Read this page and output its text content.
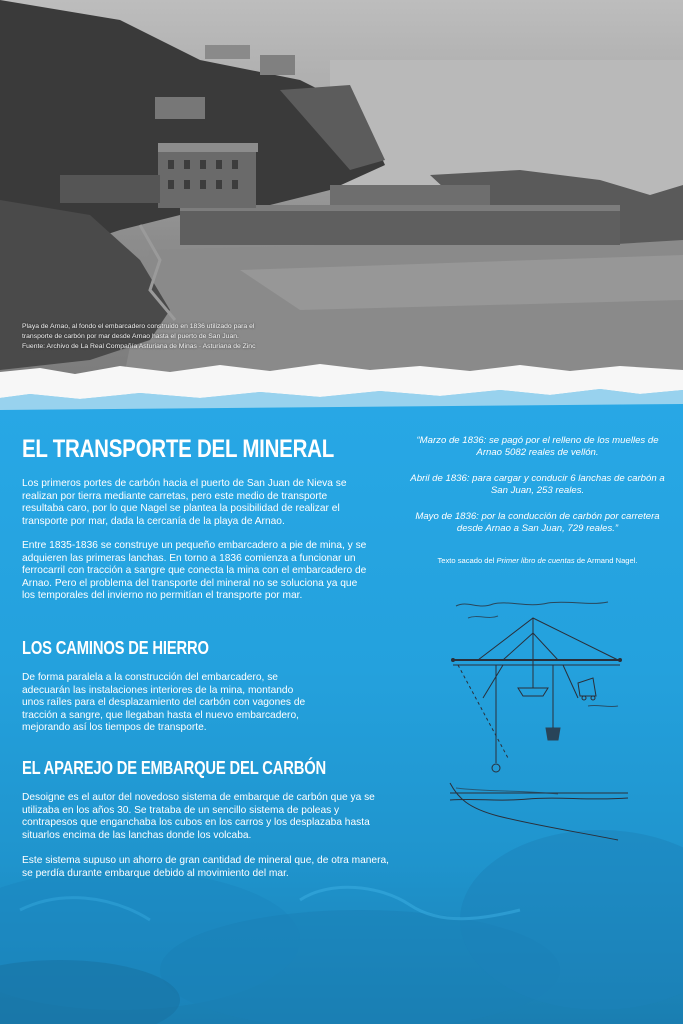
Playa de Arnao, al fondo el embarcadero construido en 1836 utilizado para el
transporte de carbón por mar desde Arnao hasta el puerto de San Juan.
Fuente: Archivo de La Real Compañía Asturiana de Minas · Asturiana de Zinc
EL TRANSPORTE DEL MINERAL

Los primeros portes de carbón hacia el puerto de San Juan de Nieva se realizan por tierra mediante carretas, pero este medio de transporte resultaba caro, por lo que Nagel se plantea la posibilidad de realizar el transporte por mar, dada la cercanía de la playa de Arnao.

Entre 1835-1836 se construye un pequeño embarcadero a pie de mina, y se adquieren las primeras lanchas. En torno a 1836 comienza a funcionar un ferrocarril con tracción a sangre que conecta la mina con el embarcadero de Arnao. Pero el problema del transporte del mineral no se soluciona ya que los temporales del invierno no permitían el transporte por mar.

LOS CAMINOS DE HIERRO

De forma paralela a la construcción del embarcadero, se adecuarán las instalaciones interiores de la mina, montando unos raíles para el desplazamiento del carbón con vagones de tracción a sangre, que llegaban hasta el nuevo embarcadero, mejorando así los tiempos de transporte.

EL APAREJO DE EMBARQUE DEL CARBÓN

Desoigne es el autor del novedoso sistema de embarque de carbón que ya se utilizaba en los años 30. Se trataba de un sencillo sistema de poleas y contrapesos que enganchaba los cubos en los carros y los desplazaba hasta situarlos encima de las lanchas donde los volcaba.

Este sistema supuso un ahorro de gran cantidad de mineral que, de otra manera, se perdía durante embarque debido al movimiento del mar.

“Marzo de 1836: se pagó por el relleno de los muelles de Arnao 5082 reales de vellón.

Abril de 1836: para cargar y conducir 6 lanchas de carbón a San Juan, 253 reales.

Mayo de 1836: por la conducción de carbón por carretera desde Arnao a San Juan, 729 reales.”

Texto sacado del Primer libro de cuentas de Armand Nagel.
